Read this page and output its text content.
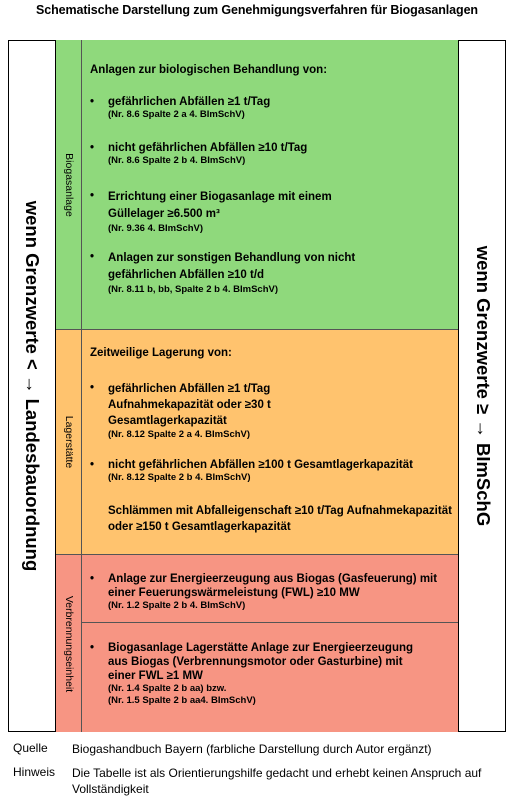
Schematische Darstellung zum Genehmigungsverfahren für Biogasanlagen
wenn Grenzwerte < → Landesbauordnung	wenn Grenzwerte ≥ → BImSchG
Biogasanlage
Anlagen zur biologischen Behandlung von:
• gefährlichen Abfällen ≥1 t/Tag
(Nr. 8.6 Spalte 2 a 4. BImSchV)
• nicht gefährlichen Abfällen ≥10 t/Tag
(Nr. 8.6 Spalte 2 b 4. BImSchV)
• Errichtung einer Biogasanlage mit einem Güllelager ≥6.500 m³
(Nr. 9.36 4. BImSchV)
• Anlagen zur sonstigen Behandlung von nicht gefährlichen Abfällen ≥10 t/d
(Nr. 8.11 b, bb, Spalte 2 b 4. BImSchV)
Lagerstätte
Zeitweilige Lagerung von:
• gefährlichen Abfällen ≥1 t/Tag Aufnahmekapazität oder ≥30 t Gesamtlagerkapazität
(Nr. 8.12 Spalte 2 a 4. BImSchV)
• nicht gefährlichen Abfällen ≥100 t Gesamtlagerkapazität
(Nr. 8.12 Spalte 2 b 4. BImSchV)
Schlämmen mit Abfalleigenschaft ≥10 t/Tag Aufnahmekapazität oder ≥150 t Gesamtlagerkapazität
Verbrennungseinheit
• Anlage zur Energieerzeugung aus Biogas (Gasfeuerung) mit einer Feuerungswärmeleistung (FWL) ≥10 MW
(Nr. 1.2 Spalte 2 b 4. BImSchV)
• Biogasanlage Lagerstätte Anlage zur Energieerzeugung aus Biogas (Verbrennungsmotor oder Gasturbine) mit einer FWL ≥1 MW
(Nr. 1.4 Spalte 2 b aa) bzw.
(Nr. 1.5 Spalte 2 b aa4. BImSchV)
Quelle Biogashandbuch Bayern (farbliche Darstellung durch Autor ergänzt)
Hinweis Die Tabelle ist als Orientierungshilfe gedacht und erhebt keinen Anspruch auf Vollständigkeit
